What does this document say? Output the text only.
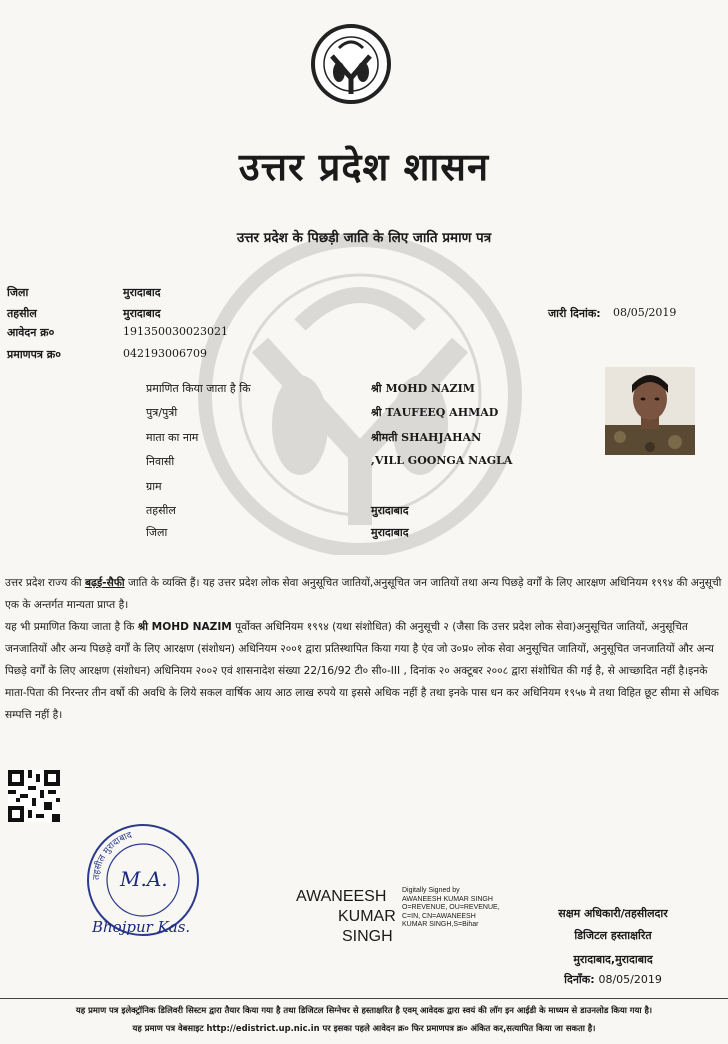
उत्तर प्रदेश शासन
उत्तर प्रदेश के पिछड़ी जाति के लिए जाति प्रमाण पत्र
जिला	मुरादाबाद
तहसील	मुरादाबाद
आवेदन क्र०	191350030023021
प्रमाणपत्र क्र०	042193006709
जारी दिनांक: 08/05/2019
प्रमाणित किया जाता है कि	श्री MOHD NAZIM
पुत्र/पुत्री	श्री TAUFEEQ AHMAD
माता का नाम	श्रीमती SHAHJAHAN
निवासी	,VILL GOONGA NAGLA
ग्राम
तहसील	मुरादाबाद
जिला	मुरादाबाद
उत्तर प्रदेश राज्य की बढ़ई-सैफी जाति के व्यक्ति हैं। यह उत्तर प्रदेश लोक सेवा अनुसूचित जातियों,अनुसूचित जन जातियों तथा अन्य पिछड़े वर्गों के लिए आरक्षण अधिनियम १९९४ की अनुसूची एक के अन्तर्गत मान्यता प्राप्त है।
यह भी प्रमाणित किया जाता है कि श्री MOHD NAZIM पूर्वोक्त अधिनियम १९९४ (यथा संशोधित) की अनुसूची २ (जैसा कि उत्तर प्रदेश लोक सेवा)अनुसूचित जातियों, अनुसूचित जनजातियों और अन्य पिछड़े वर्गों के लिए आरक्षण (संशोधन) अधिनियम २००१ द्वारा प्रतिस्थापित किया गया है एंव जो उ०प्र० लोक सेवा अनुसूचित जातियों, अनुसूचित जनजातियों और अन्य पिछड़े वर्गों के लिए आरक्षण (संशोधन) अधिनियम २००२ एवं शासनादेश संख्या 22/16/92 टी० सी०-III , दिनांक २० अक्टूबर २००८ द्वारा संशोधित की गई है, से आच्छादित नहीं है।इनके माता-पिता की निरन्तर तीन वर्षो की अवधि के लिये सकल वार्षिक आय आठ लाख रुपये या इससे अधिक नहीं है तथा इनके पास धन कर अधिनियम १९५७ मे तथा विहित छूट सीमा से अधिक सम्पत्ति नहीं है।
तहसील मुरादाबाद
M.A.
Bhojpur Kas.
AWANEESH
KUMAR
SINGH
Digitally Signed by
AWANEESH KUMAR SINGH
O=REVENUE, OU=REVENUE,
C=IN, CN=AWANEESH
KUMAR SINGH,S=Bihar
सक्षम अधिकारी/तहसीलदार
डिजिटल हस्ताक्षरित
मुरादाबाद,मुरादाबाद
दिनाँक: 08/05/2019
यह प्रमाण पत्र इलेक्ट्रॉनिक डिलिवरी सिस्टम द्वारा तैयार किया गया है तथा डिजिटल सिग्नेचर से हस्ताक्षरित है एवम् आवेदक द्वारा स्वयं की लॉग इन आईडी के माध्यम से डाउनलोड किया गया है।
यह प्रमाण पत्र वेबसाइट http://edistrict.up.nic.in पर इसका पहले आवेदन क्र० फिर प्रमाणपत्र क्र० अंकित कर,सत्यापित किया जा सकता है।
